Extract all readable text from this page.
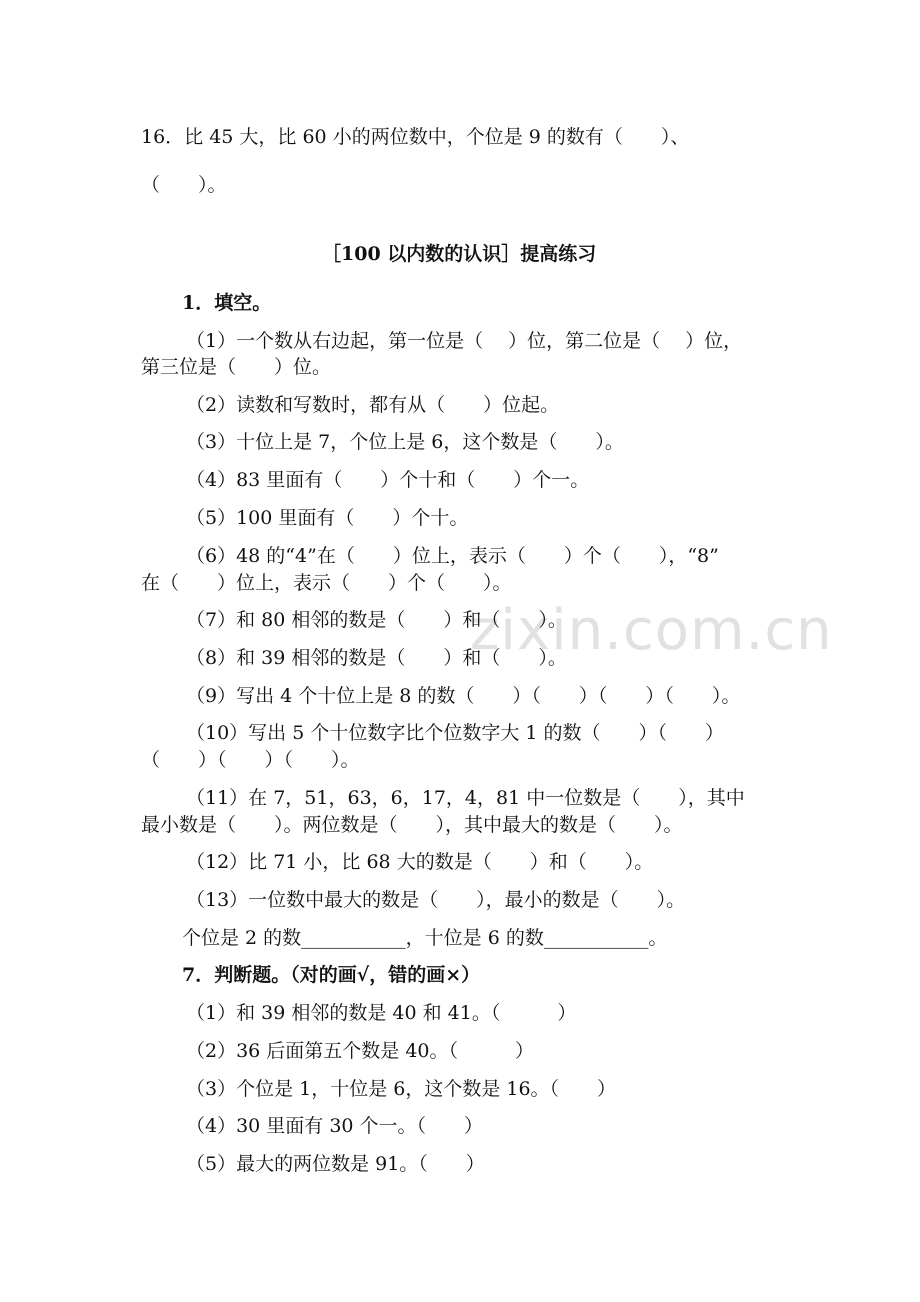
zixin.com.cn
16．比 45 大，比 60 小的两位数中，个位是 9 的数有（　　）、
（　　）。
［100 以内数的认识］提高练习
1．填空。
（1）一个数从右边起，第一位是（　 ）位，第二位是（　 ）位，
第三位是（　　）位。
（2）读数和写数时，都有从（　　）位起。
（3）十位上是 7，个位上是 6，这个数是（　　）。
（4）83 里面有（　　）个十和（　　）个一。
（5）100 里面有（　　）个十。
（6）48 的“4”在（　　）位上，表示（　　）个（　　），“8”
在（　　）位上，表示（　　）个（　　）。
（7）和 80 相邻的数是（　　）和（　　）。
（8）和 39 相邻的数是（　　）和（　　）。
（9）写出 4 个十位上是 8 的数（　　）（　　）（　　）（　　）。
（10）写出 5 个十位数字比个位数字大 1 的数（　　）（　　）
（　　）（　　）（　　）。
（11）在 7，51，63，6，17，4，81 中一位数是（　　），其中
最小数是（　　）。两位数是（　　），其中最大的数是（　　）。
（12）比 71 小，比 68 大的数是（　　）和（　　）。
（13）一位数中最大的数是（　　），最小的数是（　　）。
个位是 2 的数___________，十位是 6 的数___________。
7．判断题。（对的画√，错的画×）
（1）和 39 相邻的数是 40 和 41。（　　　）
（2）36 后面第五个数是 40。（　　　）
（3）个位是 1，十位是 6，这个数是 16。（　　）
（4）30 里面有 30 个一。（　　）
（5）最大的两位数是 91。（　　）
